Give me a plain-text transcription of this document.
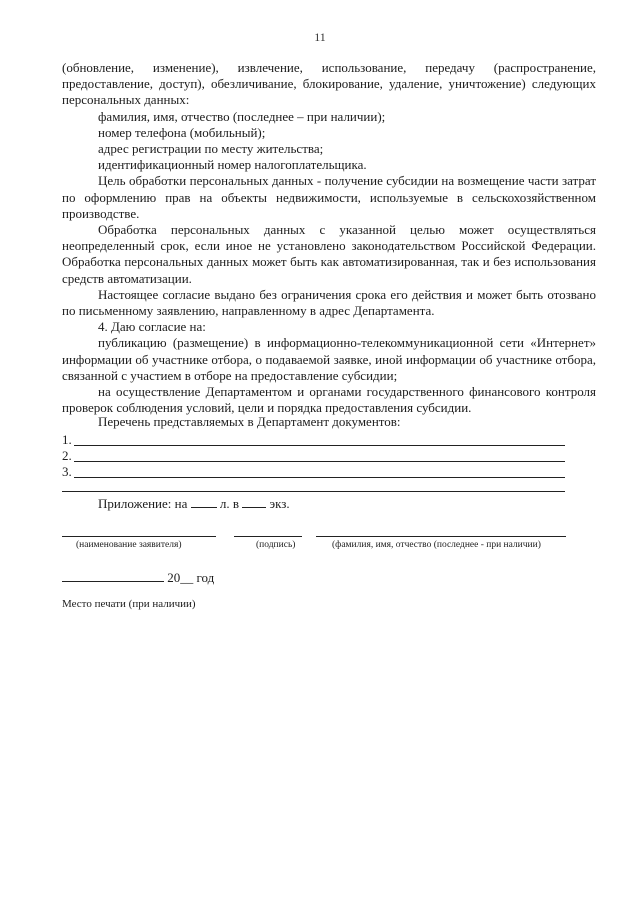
11

(обновление, изменение), извлечение, использование, передачу (распространение, предоставление, доступ), обезличивание, блокирование, удаление, уничтожение) следующих персональных данных:

фамилия, имя, отчество (последнее – при наличии);

номер телефона (мобильный);

адрес регистрации по месту жительства;

идентификационный номер налогоплательщика.

Цель обработки персональных данных - получение субсидии на возмещение части затрат по оформлению прав на объекты недвижимости, используемые в сельскохозяйственном производстве.

Обработка персональных данных с указанной целью может осуществляться неопределенный срок, если иное не установлено законодательством Российской Федерации. Обработка персональных данных может быть как автоматизированная, так и без использования средств автоматизации.

Настоящее согласие выдано без ограничения срока его действия и может быть отозвано по письменному заявлению, направленному в адрес Департамента.

4. Даю согласие на:

публикацию (размещение) в информационно-телекоммуникационной сети «Интернет» информации об участнике отбора, о подаваемой заявке, иной информации об участнике отбора, связанной с участием в отборе на предоставление субсидии;

на осуществление Департаментом и органами государственного финансового контроля проверок соблюдения условий, цели и порядка предоставления субсидии.

Перечень представляемых в Департамент документов:
1.
2.
3.
Приложение: на	л. в экз.
(наименование заявителя)	(подпись)	(фамилия, имя, отчество (последнее - при наличии)
20__ год
Место печати (при наличии)
